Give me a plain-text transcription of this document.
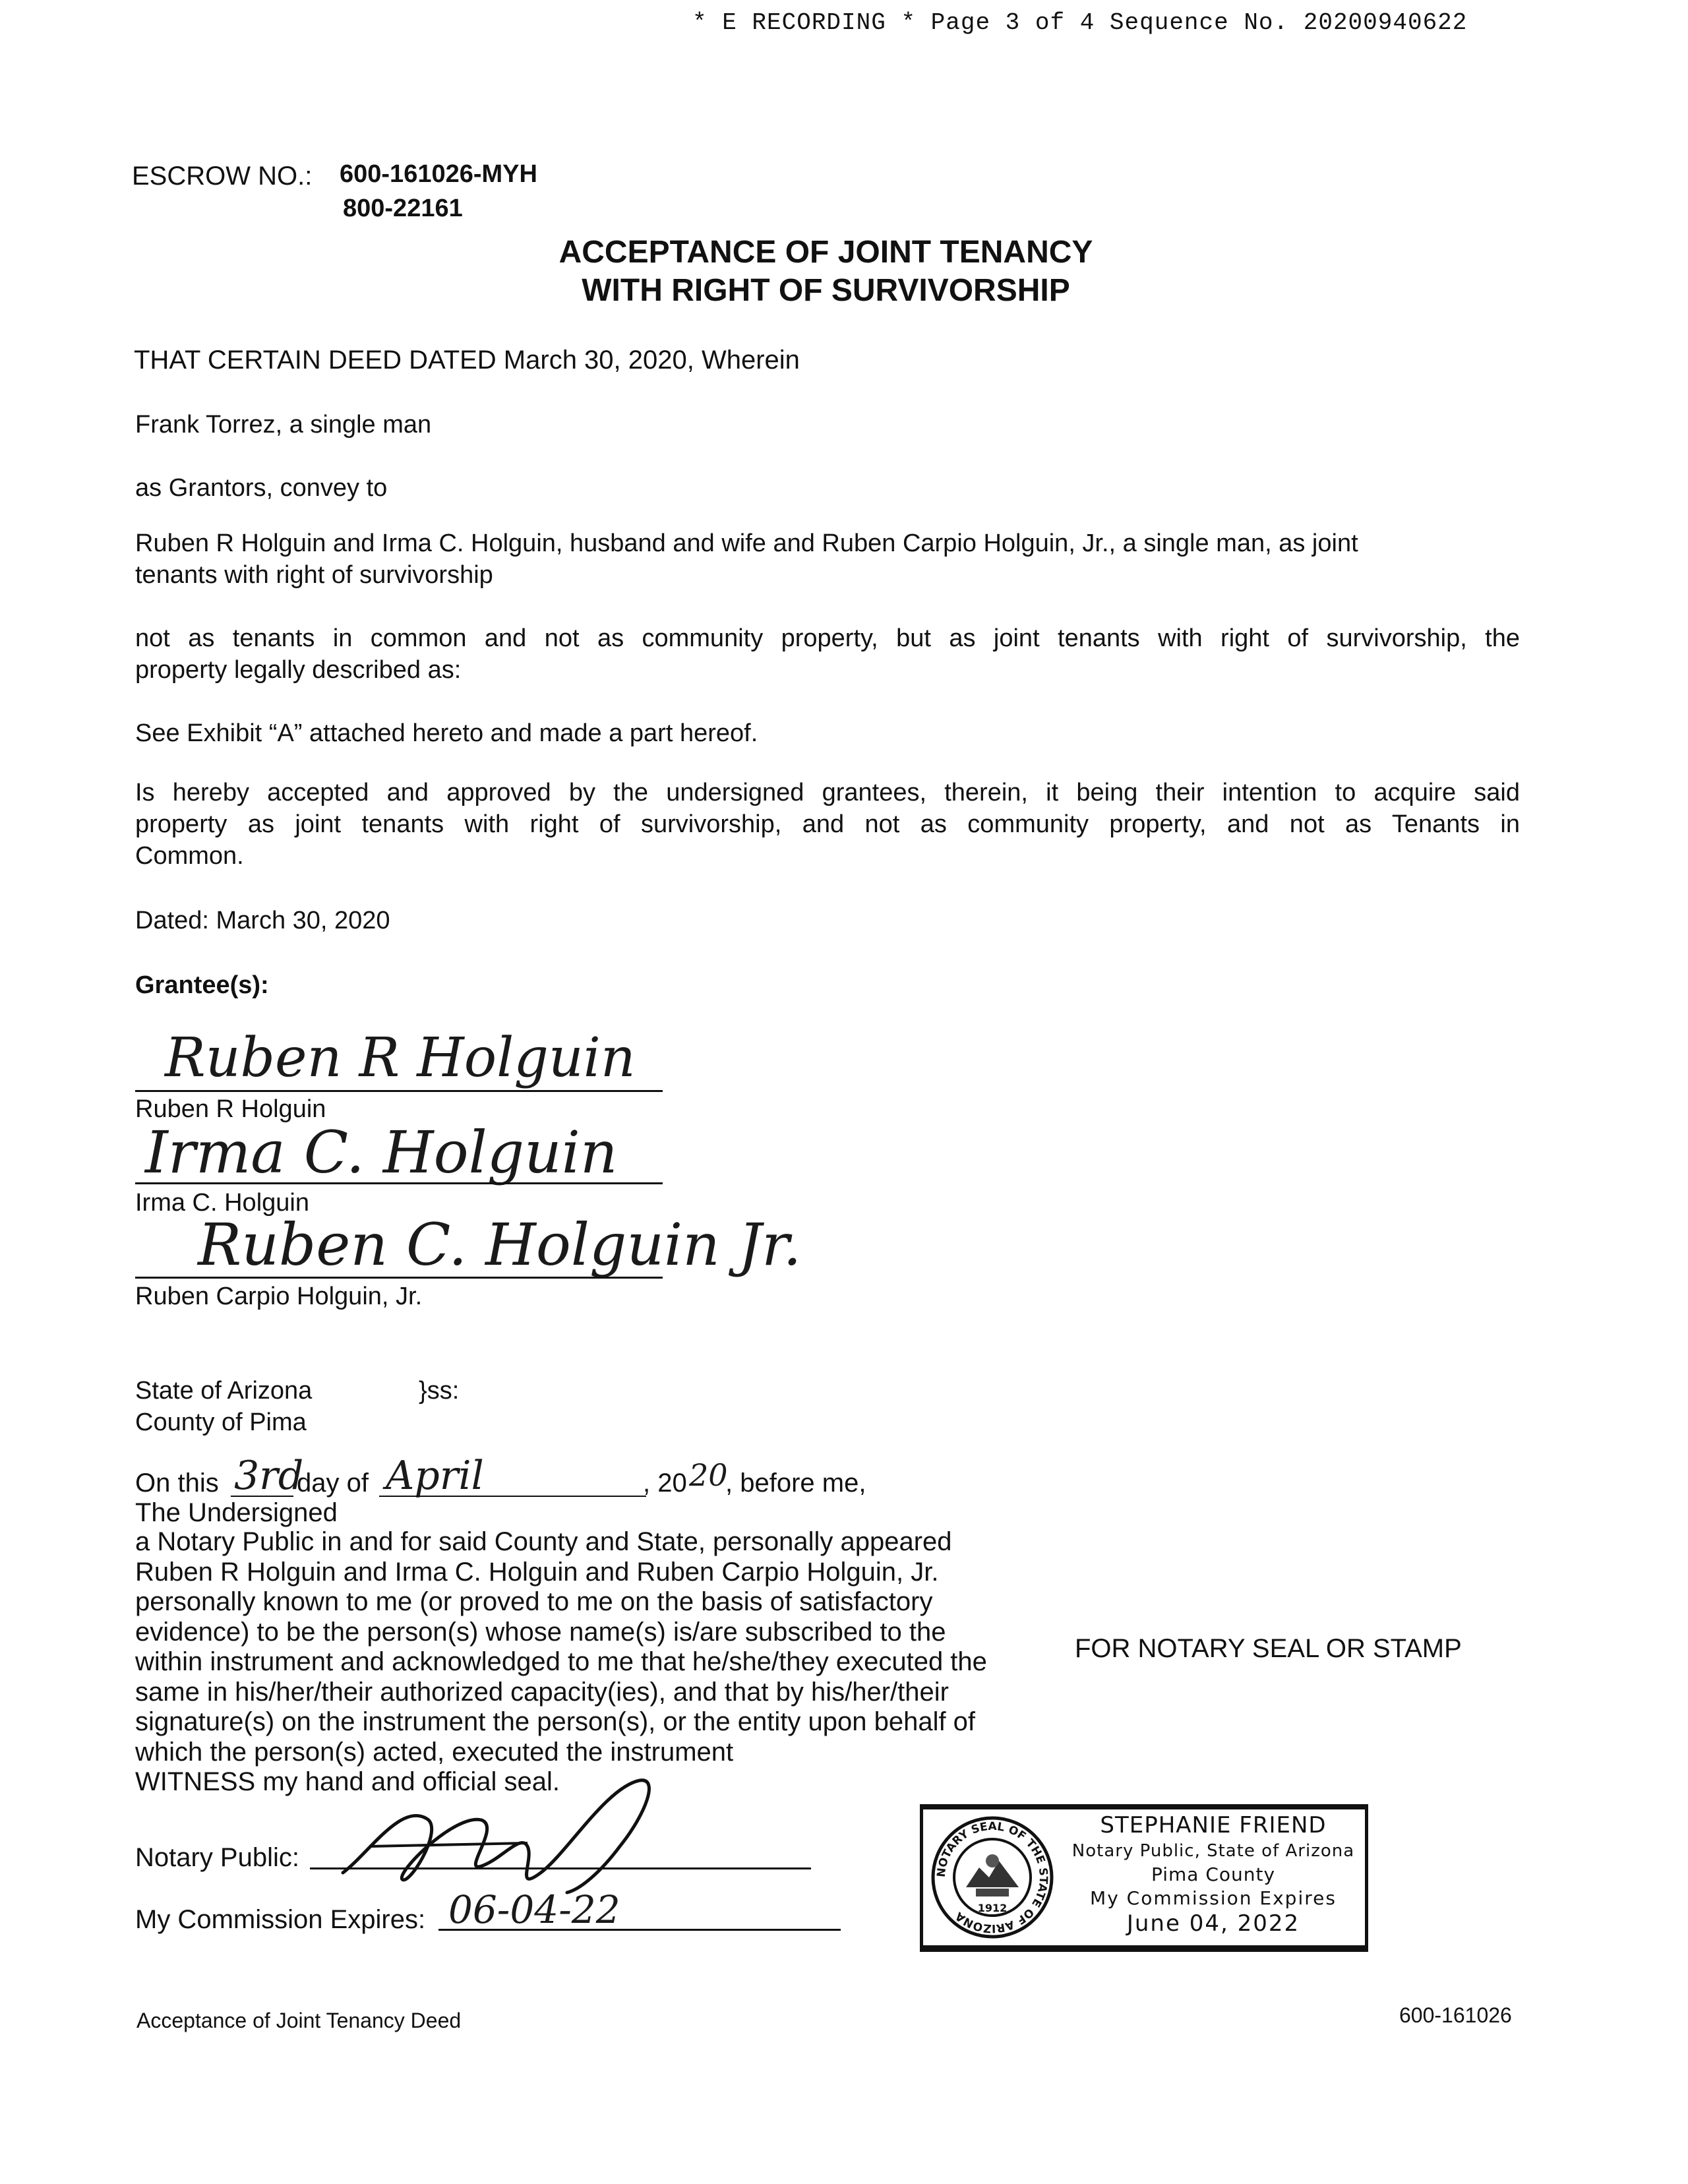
* E RECORDING * Page 3 of 4 Sequence No. 20200940622
ESCROW NO.: 600-161026-MYH
800-22161
ACCEPTANCE OF JOINT TENANCY
WITH RIGHT OF SURVIVORSHIP
THAT CERTAIN DEED DATED March 30, 2020, Wherein
Frank Torrez, a single man
as Grantors, convey to
Ruben R Holguin and Irma C. Holguin, husband and wife and Ruben Carpio Holguin, Jr., a single man, as joint
tenants with right of survivorship
not as tenants in common and not as community property, but as joint tenants with right of survivorship, the
property legally described as:
See Exhibit “A” attached hereto and made a part hereof.
Is hereby accepted and approved by the undersigned grantees, therein, it being their intention to acquire said
property as joint tenants with right of survivorship, and not as community property, and not as Tenants in
Common.
Dated: March 30, 2020
Grantee(s):
Ruben R Holguin
Ruben R Holguin
Irma C. Holguin
Irma C. Holguin
Ruben C. Holguin Jr.
Ruben Carpio Holguin, Jr.
State of Arizona	}ss:
County of Pima
On this 3rd
day of April	, 20 20
, before me,
The Undersigned
a Notary Public in and for said County and State, personally appeared
Ruben R Holguin and Irma C. Holguin and Ruben Carpio Holguin, Jr.
personally known to me (or proved to me on the basis of satisfactory
evidence) to be the person(s) whose name(s) is/are subscribed to the
within instrument and acknowledged to me that he/she/they executed the
same in his/her/their authorized capacity(ies), and that by his/her/their
signature(s) on the instrument the person(s), or the entity upon behalf of
which the person(s) acted, executed the instrument
WITNESS my hand and official seal.
FOR NOTARY SEAL OR STAMP
Notary Public:
My Commission Expires: 06-04-22
NOTARY SEAL OF THE STATE OF ARIZONA
1912
STEPHANIE FRIEND
Notary Public, State of Arizona
Pima County
My Commission Expires
June 04, 2022
Acceptance of Joint Tenancy Deed	600-161026
